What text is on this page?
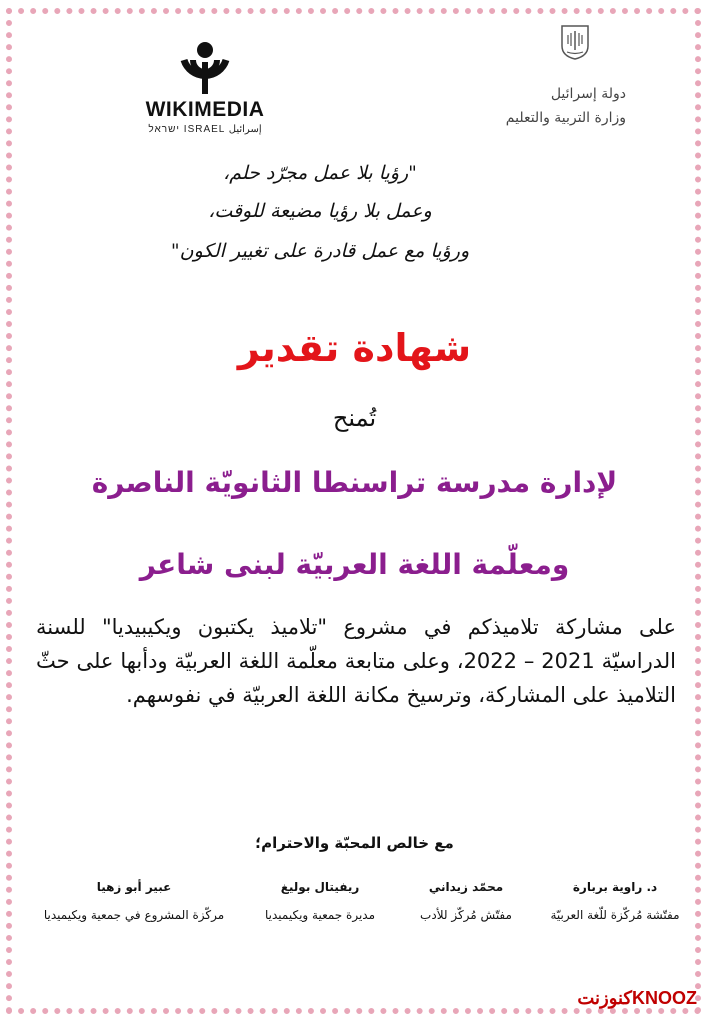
دولة إسرائيل
وزارة التربية والتعليم
WIKIMEDIA
ישראל ISRAEL إسرائيل
"رؤيا بلا عمل مجرّد حلم،
وعمل بلا رؤيا مضيعة للوقت،
ورؤيا مع عمل قادرة على تغيير الكون"
شهادة تقدير
تُمنح
لإدارة مدرسة تراسنطا الثانويّة الناصرة
ومعلّمة اللغة العربيّة لبنى شاعر
على مشاركة تلاميذكم في مشروع "تلاميذ يكتبون ويكيبيديا" للسنة الدراسيّة 2021 – 2022، وعلى متابعة معلّمة اللغة العربيّة ودأبها على حثّ التلاميذ على المشاركة، وترسيخ مكانة اللغة العربيّة في نفوسهم.
مع خالص المحبّة والاحترام؛
د. راوية بربارة
مفتّشة مُركّزة للّغة العربيّة
محمّد زيداني
مفتّش مُركّز للأدب
ريفيتال بوليغ
مديرة جمعية ويكيميديا
عبير أبو زهيا
مركّزة المشروع في جمعية ويكيميديا
كنوزنتKNOOZ
